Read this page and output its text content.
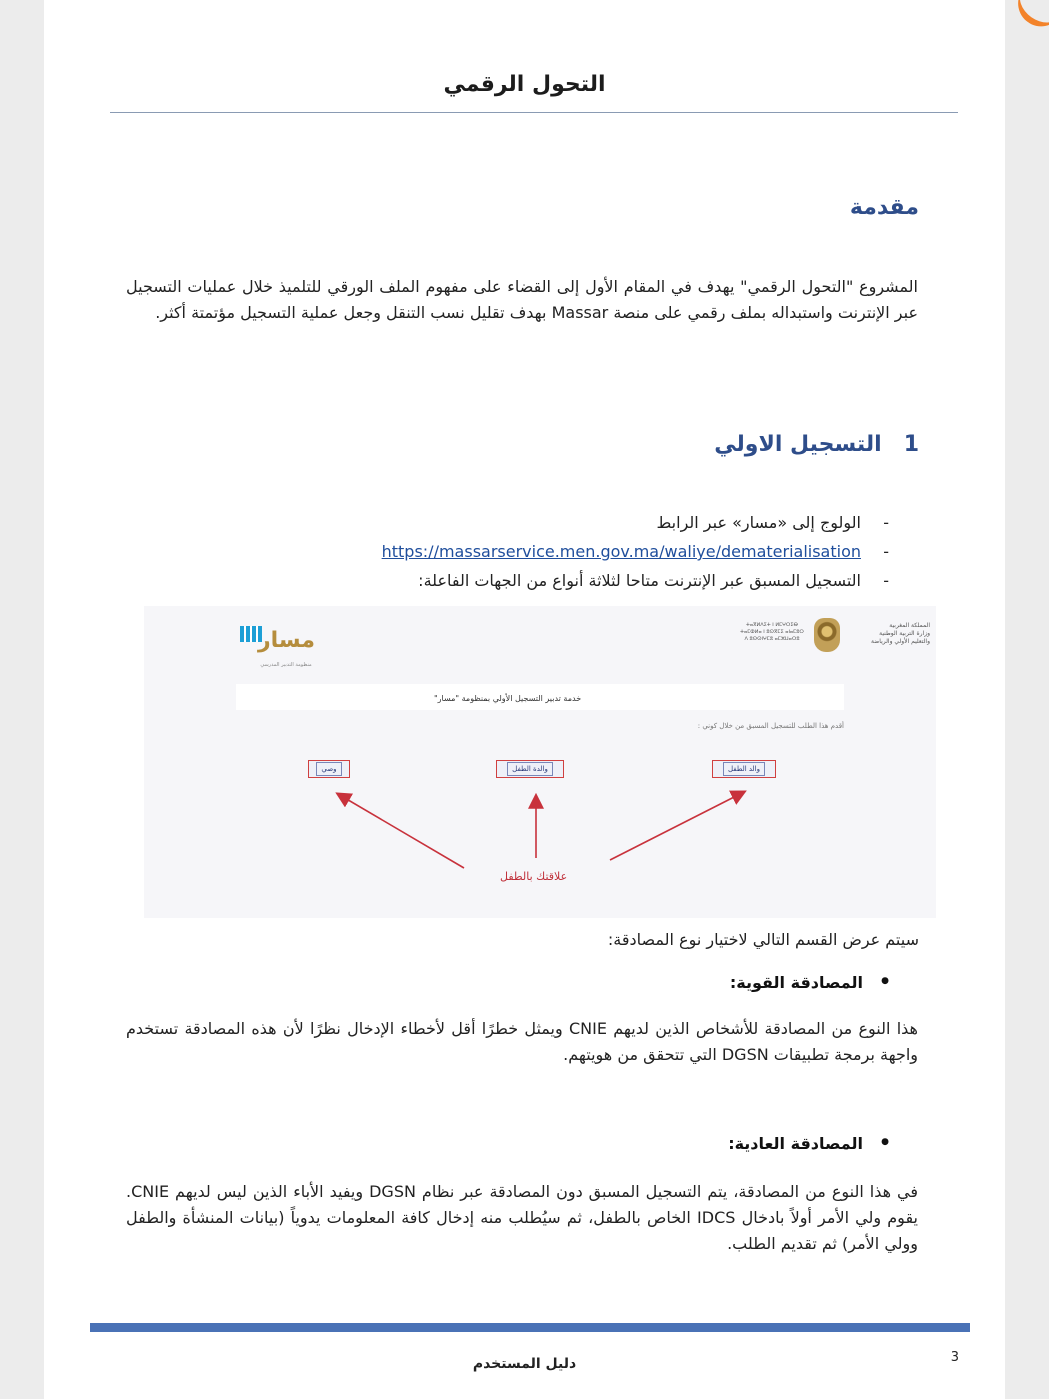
التحول الرقمي
مقدمة
المشروع "التحول الرقمي" يهدف في المقام الأول إلى القضاء على مفهوم الملف الورقي للتلميذ خلال عمليات التسجيل عبر الإنترنت واستبداله بملف رقمي على منصة Massar بهدف تقليل نسب التنقل وجعل عملية التسجيل مؤتمتة أكثر.
1التسجيل الاولي
-
الولوج إلى «مسار» عبر الرابط
-
https://massarservice.men.gov.ma/waliye/dematerialisation
-
التسجيل المسبق عبر الإنترنت متاحا لثلاثة أنواع من الجهات الفاعلة:
ⵜⴰⴳⵍⴷⵉⵜ ⵏ ⵍⵎⵖⵔⵉⴱ
ⵜⴰⵎⵀⵍⴰ ⵏ ⵓⵙⴳⵎⵉ ⴰⵏⴰⵎⵓⵔ
ⴷ ⵓⵙⵙⵏⵖⵎⵓ ⴰⵎⵣⵡⴰⵔⵓ
المملكة المغربية
وزارة التربية الوطنية
والتعليم الأولي والرياضة
مسار
منظومة التدبير المدرسي
خدمة تدبير التسجيل الأولي بمنظومة "مسار"
أقدم هذا الطلب للتسجيل المسبق من خلال كوني :
والد الطفل
والدة الطفل
وصي
علاقتك بالطفل
سيتم عرض القسم التالي لاختيار نوع المصادقة:
● المصادقة القوية:
هذا النوع من المصادقة للأشخاص الذين لديهم CNIE ويمثل خطرًا أقل لأخطاء الإدخال نظرًا لأن هذه المصادقة تستخدم واجهة برمجة تطبيقات DGSN التي تتحقق من هويتهم.
● المصادقة العادية:
في هذا النوع من المصادقة، يتم التسجيل المسبق دون المصادقة عبر نظام DGSN ويفيد الأباء الذين ليس لديهم CNIE. يقوم ولي الأمر أولاً بادخال IDCS الخاص بالطفل، ثم سيُطلب منه إدخال كافة المعلومات يدوياً (بيانات المنشأة والطفل وولي الأمر) ثم تقديم الطلب.
دليل المستخدم	3
